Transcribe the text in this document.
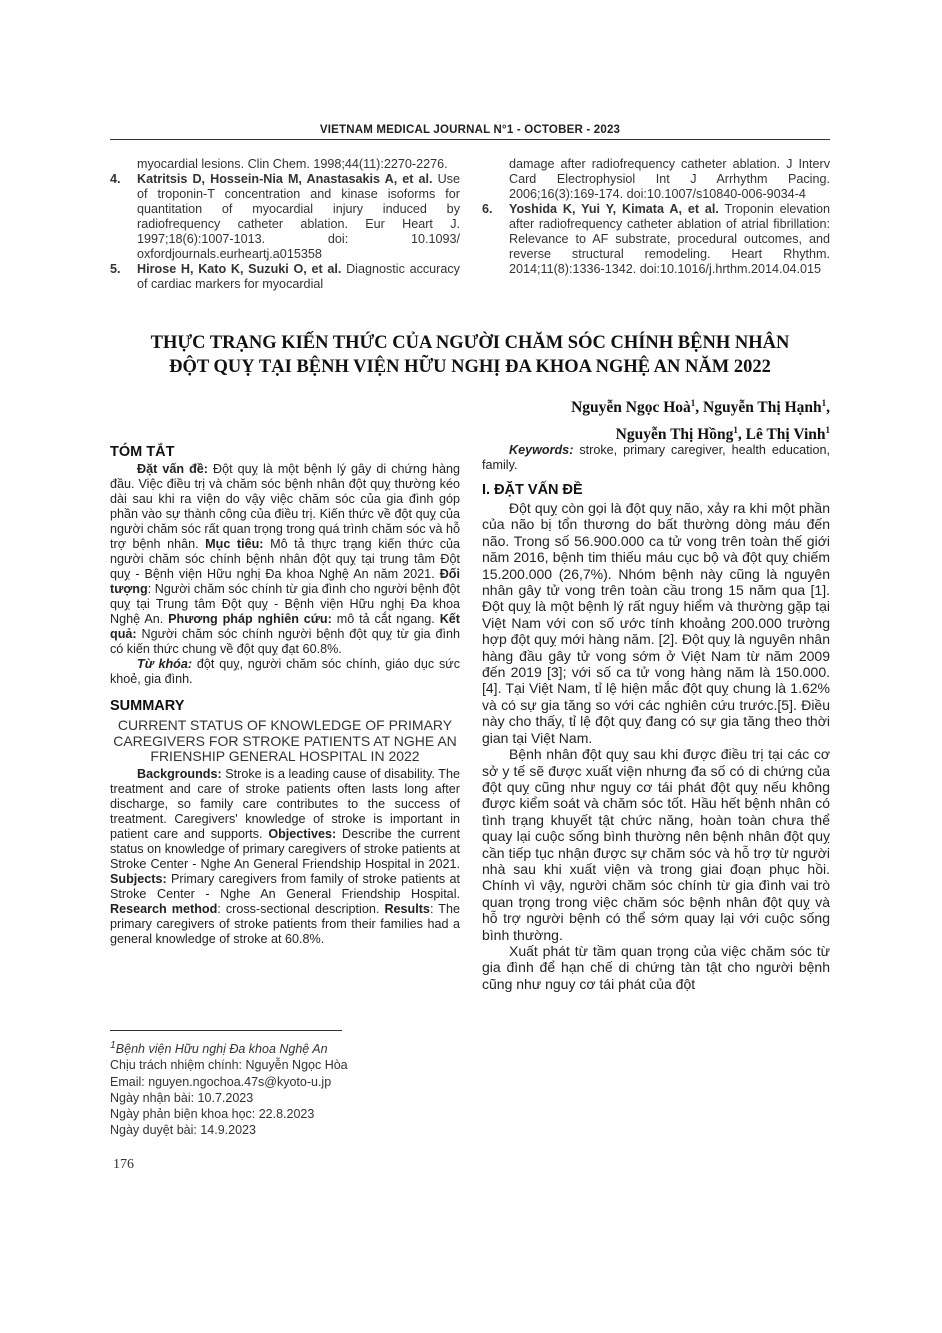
VIETNAM MEDICAL JOURNAL N°1 - OCTOBER - 2023

myocardial lesions. Clin Chem. 1998;44(11):2270-2276.

4. Katritsis D, Hossein-Nia M, Anastasakis A, et al. Use of troponin-T concentration and kinase isoforms for quantitation of myocardial injury induced by radiofrequency catheter ablation. Eur Heart J. 1997;18(6):1007-1013. doi: 10.1093/ oxfordjournals.eurheartj.a015358
5. Hirose H, Kato K, Suzuki O, et al. Diagnostic accuracy of cardiac markers for myocardial

damage after radiofrequency catheter ablation. J Interv Card Electrophysiol Int J Arrhythm Pacing. 2006;16(3):169-174. doi:10.1007/s10840-006-9034-4

6. Yoshida K, Yui Y, Kimata A, et al. Troponin elevation after radiofrequency catheter ablation of atrial fibrillation: Relevance to AF substrate, procedural outcomes, and reverse structural remodeling. Heart Rhythm. 2014;11(8):1336-1342. doi:10.1016/j.hrthm.2014.04.015
THỰC TRẠNG KIẾN THỨC CỦA NGƯỜI CHĂM SÓC CHÍNH BỆNH NHÂN
ĐỘT QUỴ TẠI BỆNH VIỆN HỮU NGHỊ ĐA KHOA NGHỆ AN NĂM 2022
Nguyễn Ngọc Hoà$^1$, Nguyễn Thị Hạnh$^1$,
Nguyễn Thị Hồng$^1$, Lê Thị Vinh$^1$
TÓM TẮT

Đặt vấn đề: Đột quỵ là một bệnh lý gây di chứng hàng đầu. Việc điều trị và chăm sóc bệnh nhân đột quỵ thường kéo dài sau khi ra viện do vậy việc chăm sóc của gia đình góp phần vào sự thành công của điều trị. Kiến thức về đột quỵ của người chăm sóc rất quan trọng trong quá trình chăm sóc và hỗ trợ bệnh nhân. Mục tiêu: Mô tả thực trạng kiến thức của người chăm sóc chính bệnh nhân đột quỵ tại trung tâm Đột quỵ - Bệnh viện Hữu nghị Đa khoa Nghệ An năm 2021. Đối tượng: Người chăm sóc chính từ gia đình cho người bệnh đột quỵ tại Trung tâm Đột quỵ - Bệnh viện Hữu nghị Đa khoa Nghệ An. Phương pháp nghiên cứu: mô tả cắt ngang. Kết quả: Người chăm sóc chính người bệnh đột quỵ từ gia đình có kiến thức chung về đột quỵ đạt 60.8%.

Từ khóa: đột quỵ, người chăm sóc chính, giáo dục sức khoẻ, gia đình.

SUMMARY
CURRENT STATUS OF KNOWLEDGE OF PRIMARY CAREGIVERS FOR STROKE PATIENTS AT NGHE AN FRIENSHIP GENERAL HOSPITAL IN 2022

Backgrounds: Stroke is a leading cause of disability. The treatment and care of stroke patients often lasts long after discharge, so family care contributes to the success of treatment. Caregivers' knowledge of stroke is important in patient care and supports. Objectives: Describe the current status on knowledge of primary caregivers of stroke patients at Stroke Center - Nghe An General Friendship Hospital in 2021. Subjects: Primary caregivers from family of stroke patients at Stroke Center - Nghe An General Friendship Hospital. Research method: cross-sectional description. Results: The primary caregivers of stroke patients from their families had a general knowledge of stroke at 60.8%.

Keywords: stroke, primary caregiver, health education, family.

I. ĐẶT VẤN ĐỀ

Đột quỵ còn gọi là đột quỵ não, xảy ra khi một phần của não bị tổn thương do bất thường dòng máu đến não. Trong số 56.900.000 ca tử vong trên toàn thế giới năm 2016, bệnh tim thiếu máu cục bộ và đột quỵ chiếm 15.200.000 (26,7%). Nhóm bệnh này cũng là nguyên nhân gây tử vong trên toàn cầu trong 15 năm qua [1]. Đột quỵ là một bệnh lý rất nguy hiểm và thường gặp tại Việt Nam với con số ước tính khoảng 200.000 trường hợp đột quỵ mới hàng năm. [2]. Đột quỵ là nguyên nhân hàng đầu gây tử vong sớm ở Việt Nam từ năm 2009 đến 2019 [3]; với số ca tử vong hàng năm là 150.000. [4]. Tại Việt Nam, tỉ lệ hiện mắc đột quỵ chung là 1.62% và có sự gia tăng so với các nghiên cứu trước.[5]. Điều này cho thấy, tỉ lệ đột quỵ đang có sự gia tăng theo thời gian tại Việt Nam.

Bệnh nhân đột quỵ sau khi được điều trị tại các cơ sở y tế sẽ được xuất viện nhưng đa số có di chứng của đột quỵ cũng như nguy cơ tái phát đột quỵ nếu không được kiểm soát và chăm sóc tốt. Hầu hết bệnh nhân có tình trạng khuyết tật chức năng, hoàn toàn chưa thể quay lại cuộc sống bình thường nên bệnh nhân đột quỵ cần tiếp tục nhận được sự chăm sóc và hỗ trợ từ người nhà sau khi xuất viện và trong giai đoạn phục hồi. Chính vì vậy, người chăm sóc chính từ gia đình vai trò quan trọng trong việc chăm sóc bệnh nhân đột quỵ và hỗ trợ người bệnh có thể sớm quay lại với cuộc sống bình thường.

Xuất phát từ tầm quan trọng của việc chăm sóc từ gia đình để hạn chế di chứng tàn tật cho người bệnh cũng như nguy cơ tái phát của đột

$^1$Bệnh viện Hữu nghị Đa khoa Nghệ An
Chịu trách nhiệm chính: Nguyễn Ngọc Hòa
Email: nguyen.ngochoa.47s@kyoto-u.jp
Ngày nhận bài: 10.7.2023
Ngày phản biện khoa học: 22.8.2023
Ngày duyệt bài: 14.9.2023
176
